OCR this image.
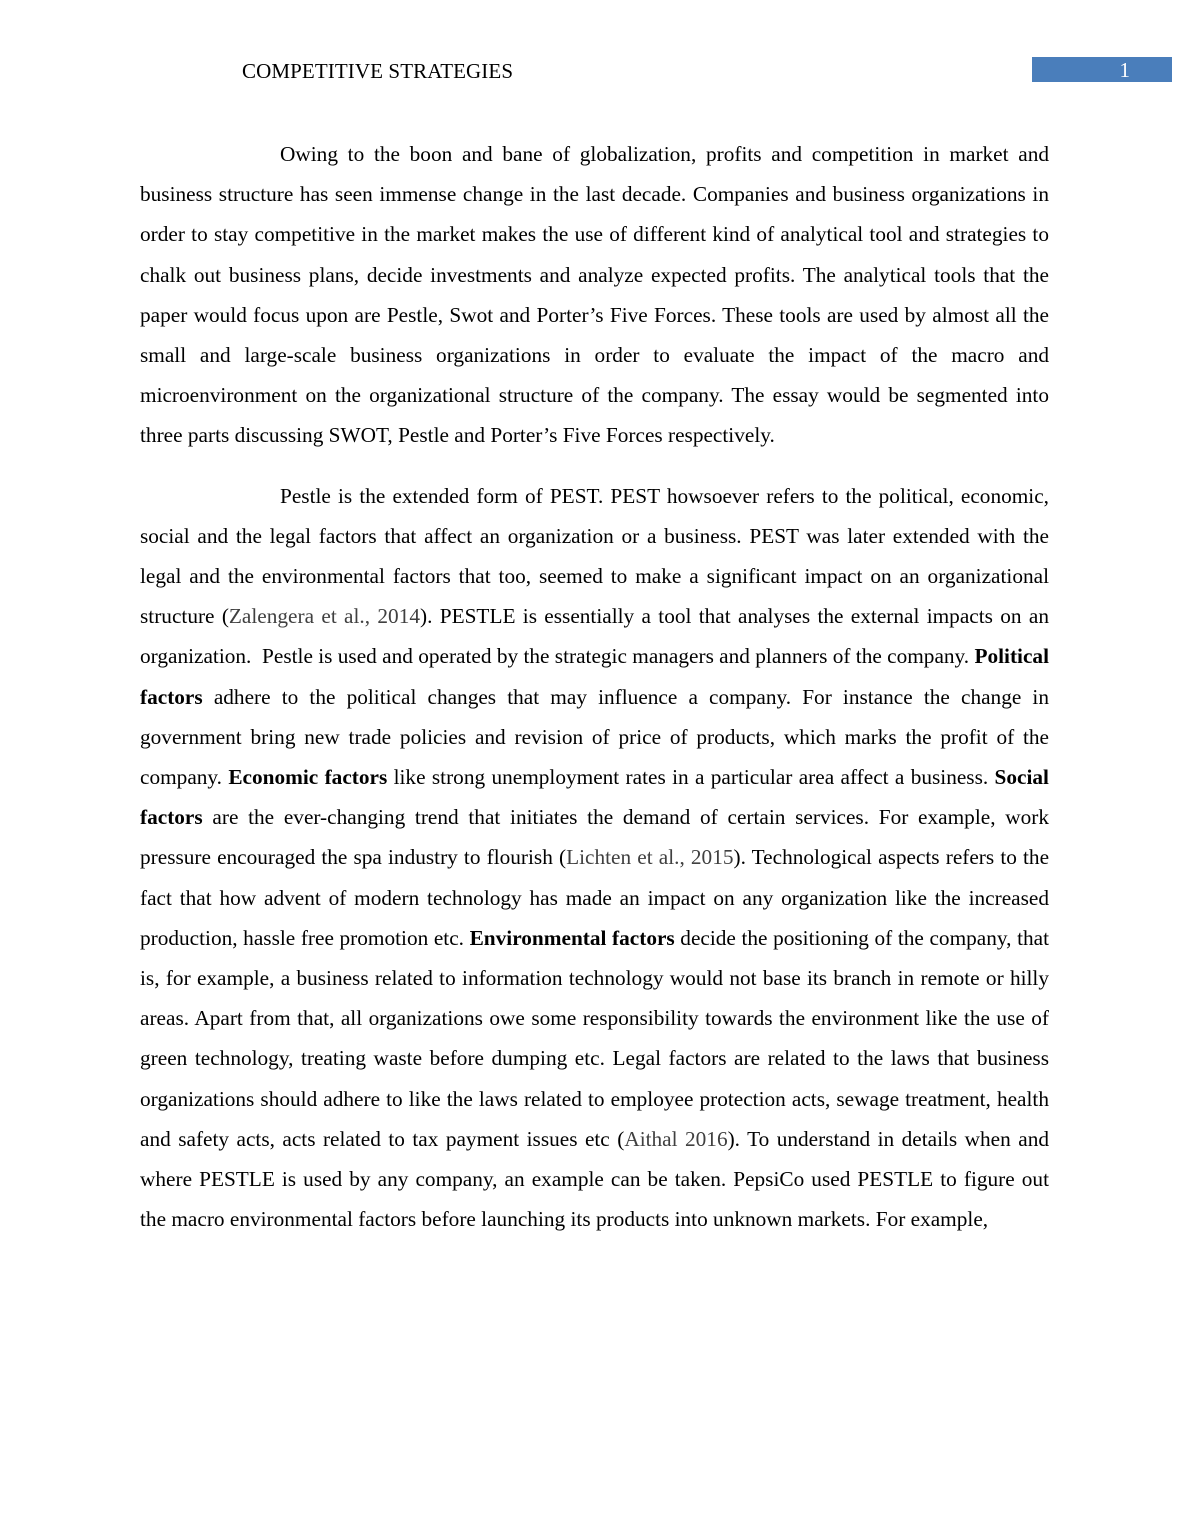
COMPETITIVE STRATEGIES	1

Owing to the boon and bane of globalization, profits and competition in market and business structure has seen immense change in the last decade. Companies and business organizations in order to stay competitive in the market makes the use of different kind of analytical tool and strategies to chalk out business plans, decide investments and analyze expected profits. The analytical tools that the paper would focus upon are Pestle, Swot and Porter’s Five Forces. These tools are used by almost all the small and large-scale business organizations in order to evaluate the impact of the macro and microenvironment on the organizational structure of the company. The essay would be segmented into three parts discussing SWOT, Pestle and Porter’s Five Forces respectively.

Pestle is the extended form of PEST. PEST howsoever refers to the political, economic, social and the legal factors that affect an organization or a business. PEST was later extended with the legal and the environmental factors that too, seemed to make a significant impact on an organizational structure (Zalengera et al., 2014). PESTLE is essentially a tool that analyses the external impacts on an organization.  Pestle is used and operated by the strategic managers and planners of the company. Political factors adhere to the political changes that may influence a company. For instance the change in government bring new trade policies and revision of price of products, which marks the profit of the company. Economic factors like strong unemployment rates in a particular area affect a business. Social factors are the ever-changing trend that initiates the demand of certain services. For example, work pressure encouraged the spa industry to flourish (Lichten et al., 2015). Technological aspects refers to the fact that how advent of modern technology has made an impact on any organization like the increased production, hassle free promotion etc. Environmental factors decide the positioning of the company, that is, for example, a business related to information technology would not base its branch in remote or hilly areas. Apart from that, all organizations owe some responsibility towards the environment like the use of green technology, treating waste before dumping etc. Legal factors are related to the laws that business organizations should adhere to like the laws related to employee protection acts, sewage treatment, health and safety acts, acts related to tax payment issues etc (Aithal 2016). To understand in details when and where PESTLE is used by any company, an example can be taken. PepsiCo used PESTLE to figure out the macro environmental factors before launching its products into unknown markets. For example,
